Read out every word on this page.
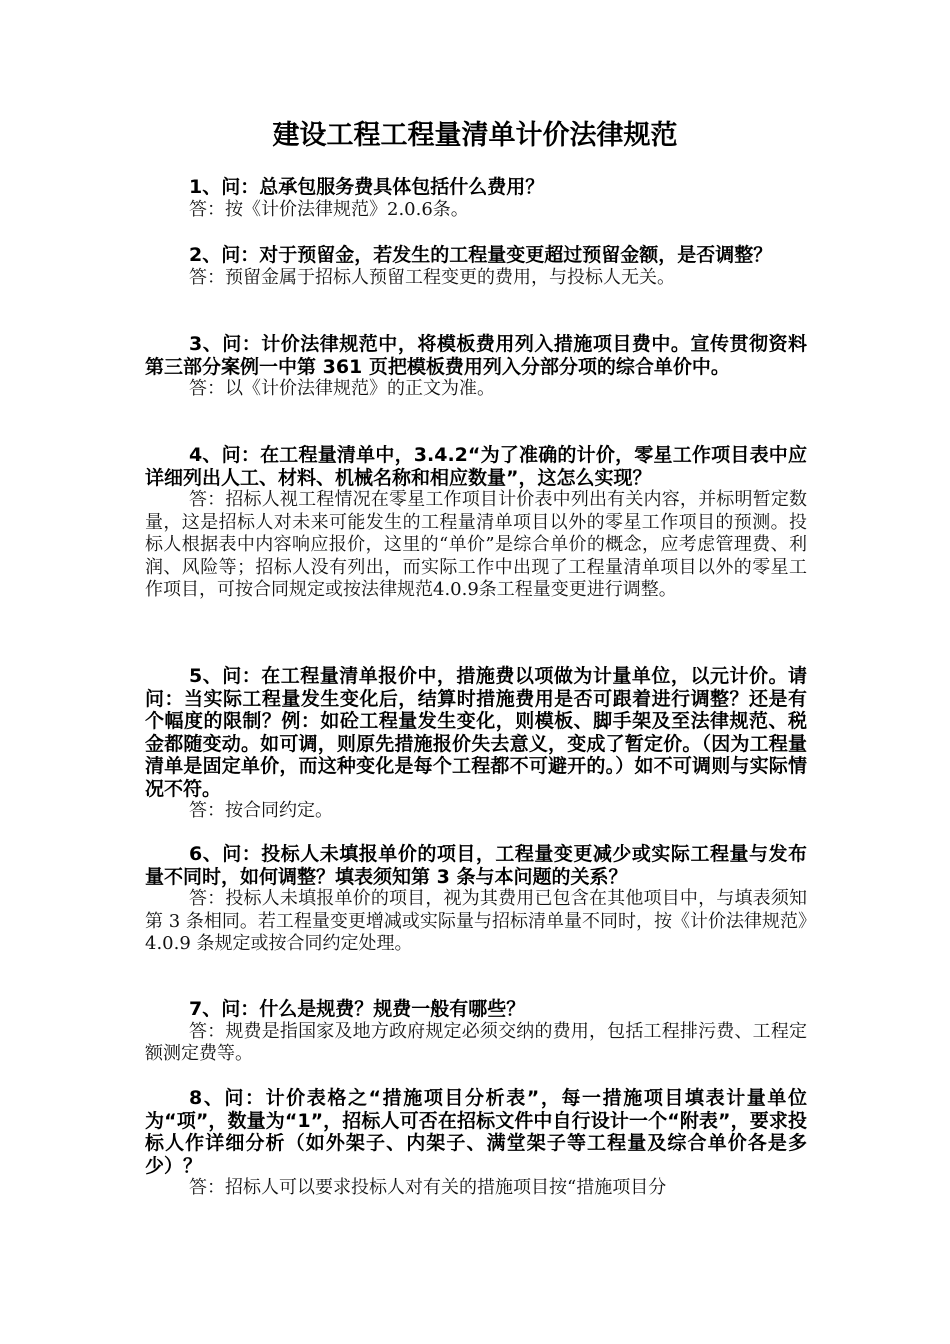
建设工程工程量清单计价法律规范

1、问：总承包服务费具体包括什么费用？

答：按《计价法律规范》2.0.6条。

2、问：对于预留金，若发生的工程量变更超过预留金额，是否调整？

答：预留金属于招标人预留工程变更的费用，与投标人无关。

3、问：计价法律规范中，将模板费用列入措施项目费中。宣传贯彻资料第三部分案例一中第 361 页把模板费用列入分部分项的综合单价中。

答：以《计价法律规范》的正文为准。

4、问：在工程量清单中，3.4.2“为了准确的计价，零星工作项目表中应详细列出人工、材料、机械名称和相应数量”，这怎么实现？

答：招标人视工程情况在零星工作项目计价表中列出有关内容，并标明暂定数量，这是招标人对未来可能发生的工程量清单项目以外的零星工作项目的预测。投标人根据表中内容响应报价，这里的“单价”是综合单价的概念，应考虑管理费、利润、风险等；招标人没有列出，而实际工作中出现了工程量清单项目以外的零星工作项目，可按合同规定或按法律规范4.0.9条工程量变更进行调整。

5、问：在工程量清单报价中，措施费以项做为计量单位，以元计价。请问：当实际工程量发生变化后，结算时措施费用是否可跟着进行调整？还是有个幅度的限制？例：如砼工程量发生变化，则模板、脚手架及至法律规范、税金都随变动。如可调，则原先措施报价失去意义，变成了暂定价。（因为工程量清单是固定单价，而这种变化是每个工程都不可避开的。）如不可调则与实际情况不符。

答：按合同约定。

6、问：投标人未填报单价的项目，工程量变更减少或实际工程量与发布量不同时，如何调整？填表须知第 3 条与本问题的关系？

答：投标人未填报单价的项目，视为其费用已包含在其他项目中，与填表须知第 3 条相同。若工程量变更增减或实际量与招标清单量不同时，按《计价法律规范》4.0.9 条规定或按合同约定处理。

7、问：什么是规费？规费一般有哪些？

答：规费是指国家及地方政府规定必须交纳的费用，包括工程排污费、工程定额测定费等。

8、问：计价表格之“措施项目分析表”，每一措施项目填表计量单位为“项”，数量为“1”，招标人可否在招标文件中自行设计一个“附表”，要求投标人作详细分析（如外架子、内架子、满堂架子等工程量及综合单价各是多少）？

答：招标人可以要求投标人对有关的措施项目按“措施项目分
